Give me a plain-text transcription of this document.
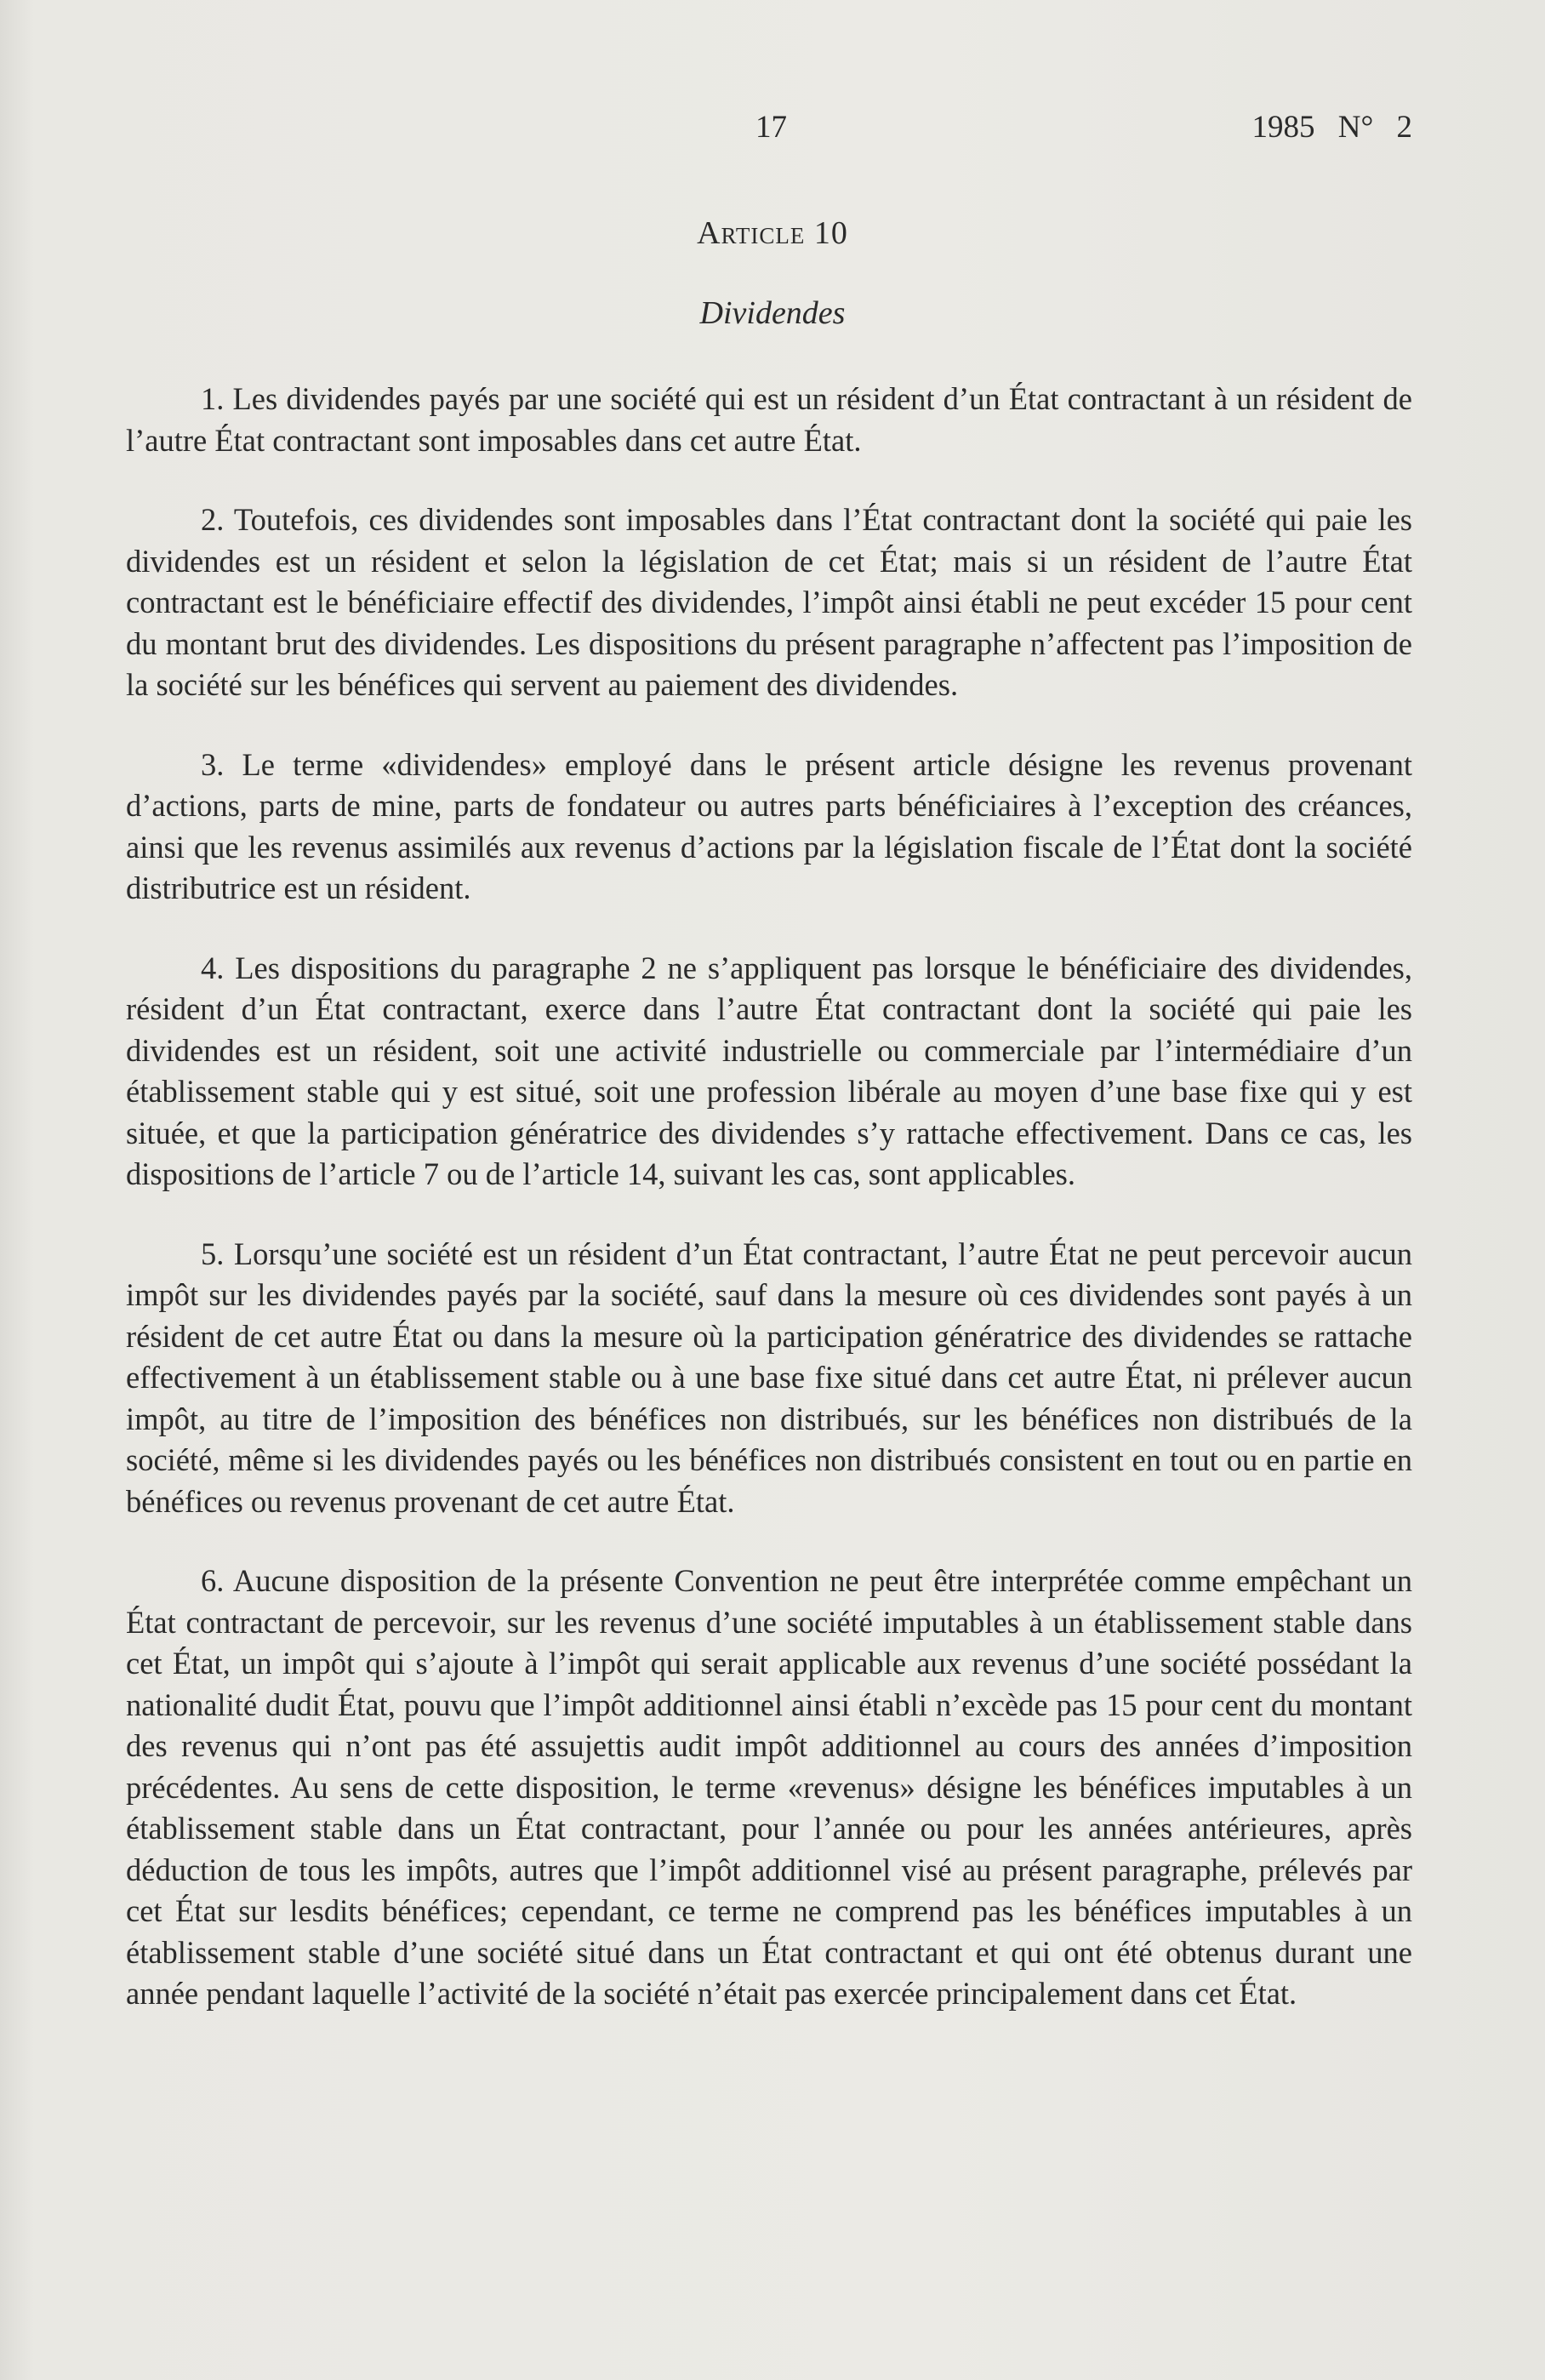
17	1985 N° 2
Article 10
Dividendes

1. Les dividendes payés par une société qui est un résident d’un État contractant à un résident de l’autre État contractant sont imposables dans cet autre État.

2. Toutefois, ces dividendes sont imposables dans l’État contractant dont la société qui paie les dividendes est un résident et selon la législation de cet État; mais si un résident de l’autre État contractant est le bénéficiaire effectif des dividendes, l’impôt ainsi établi ne peut excéder 15 pour cent du montant brut des dividendes. Les dispositions du présent paragraphe n’affectent pas l’imposition de la société sur les bénéfices qui servent au paiement des dividendes.

3. Le terme «dividendes» employé dans le présent article désigne les revenus provenant d’actions, parts de mine, parts de fondateur ou autres parts bénéficiaires à l’exception des créances, ainsi que les revenus assimilés aux revenus d’actions par la législation fiscale de l’État dont la société distributrice est un résident.

4. Les dispositions du paragraphe 2 ne s’appliquent pas lorsque le bénéficiaire des dividendes, résident d’un État contractant, exerce dans l’autre État contractant dont la société qui paie les dividendes est un résident, soit une activité industrielle ou commerciale par l’intermédiaire d’un établissement stable qui y est situé, soit une profession libérale au moyen d’une base fixe qui y est située, et que la participation génératrice des dividendes s’y rattache effectivement. Dans ce cas, les dispositions de l’article 7 ou de l’article 14, suivant les cas, sont applicables.

5. Lorsqu’une société est un résident d’un État contractant, l’autre État ne peut percevoir aucun impôt sur les dividendes payés par la société, sauf dans la mesure où ces dividendes sont payés à un résident de cet autre État ou dans la mesure où la participation génératrice des dividendes se rattache effectivement à un établissement stable ou à une base fixe situé dans cet autre État, ni prélever aucun impôt, au titre de l’imposition des bénéfices non distribués, sur les bénéfices non distribués de la société, même si les dividendes payés ou les bénéfices non distribués consistent en tout ou en partie en bénéfices ou revenus provenant de cet autre État.

6. Aucune disposition de la présente Convention ne peut être interprétée comme empêchant un État contractant de percevoir, sur les revenus d’une société imputables à un établissement stable dans cet État, un impôt qui s’ajoute à l’impôt qui serait applicable aux revenus d’une société possédant la nationalité dudit État, pouvu que l’impôt additionnel ainsi établi n’excède pas 15 pour cent du montant des revenus qui n’ont pas été assujettis audit impôt additionnel au cours des années d’imposition précédentes. Au sens de cette disposition, le terme «revenus» désigne les bénéfices imputables à un établissement stable dans un État contractant, pour l’année ou pour les années antérieures, après déduction de tous les impôts, autres que l’impôt additionnel visé au présent paragraphe, prélevés par cet État sur lesdits bénéfices; cependant, ce terme ne comprend pas les bénéfices imputables à un établissement stable d’une société situé dans un État contractant et qui ont été obtenus durant une année pendant laquelle l’activité de la société n’était pas exercée principalement dans cet État.
